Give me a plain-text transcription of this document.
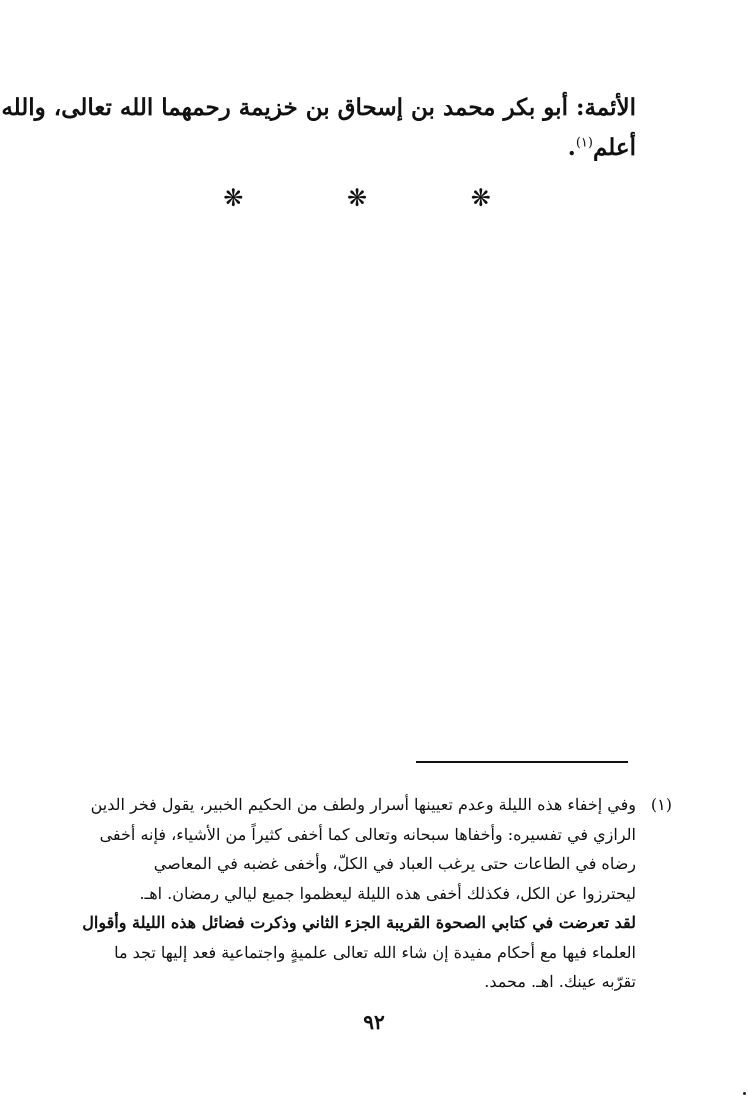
الأئمة: أبو بكر محمد بن إسحاق بن خزيمة رحمهما الله تعالى، والله
أعلم$^{(١)}$.
❋ ❋ ❋
(١)
وفي إخفاء هذه الليلة وعدم تعيينها أسرار ولطف من الحكيم الخبير، يقول فخر الدين
الرازي في تفسيره: وأخفاها سبحانه وتعالى كما أخفى كثيراً من الأشياء، فإنه أخفى
رضاه في الطاعات حتى يرغب العباد في الكلّ، وأخفى غضبه في المعاصي
ليحترزوا عن الكل، فكذلك أخفى هذه الليلة ليعظموا جميع ليالي رمضان. اهـ.
لقد تعرضت في كتابي الصحوة القريبة الجزء الثاني وذكرت فضائل هذه الليلة وأقوال
العلماء فيها مع أحكام مفيدة إن شاء الله تعالى علميةٍ واجتماعية فعد إليها تجد ما
تقرّبه عينك. اهـ. محمد.
٩٢
